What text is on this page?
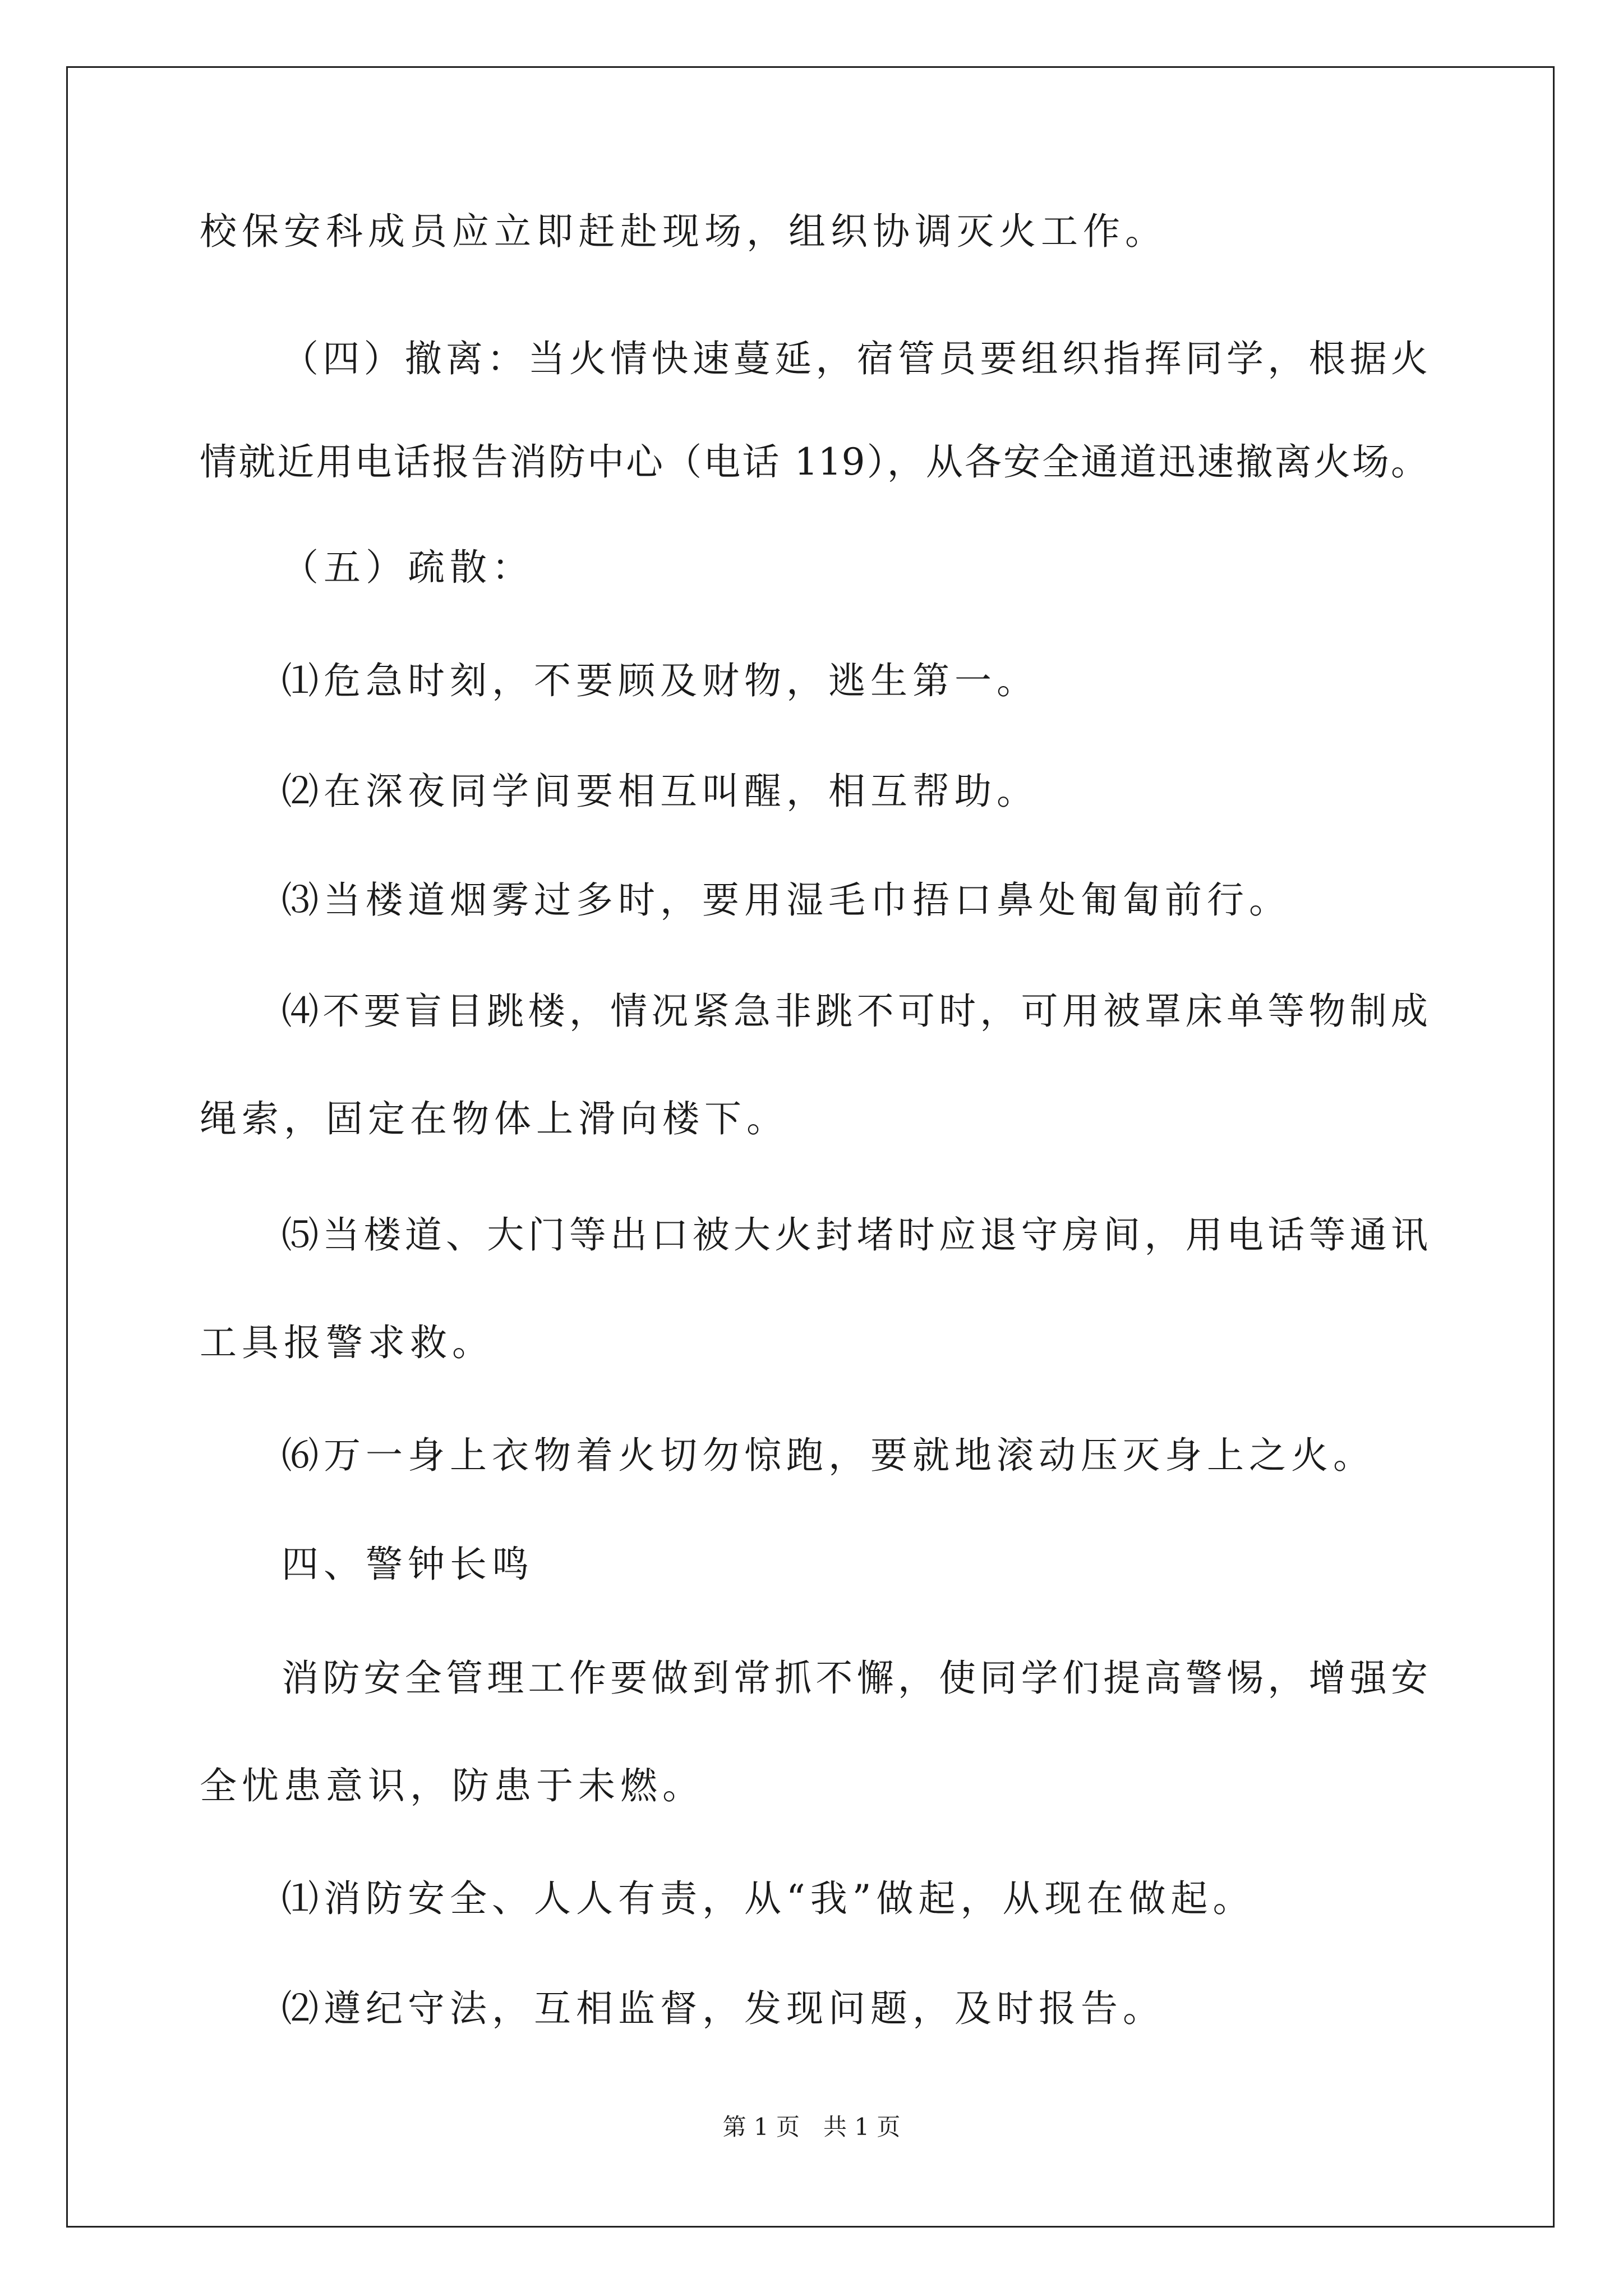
校保安科成员应立即赶赴现场，组织协调灭火工作。
（四）撤离：当火情快速蔓延，宿管员要组织指挥同学，根据火
情就近用电话报告消防中心（电话 119），从各安全通道迅速撤离火场。
（五）疏散：
⑴危急时刻，不要顾及财物，逃生第一。
⑵在深夜同学间要相互叫醒，相互帮助。
⑶当楼道烟雾过多时，要用湿毛巾捂口鼻处匍匐前行。
⑷不要盲目跳楼，情况紧急非跳不可时，可用被罩床单等物制成
绳索，固定在物体上滑向楼下。
⑸当楼道、大门等出口被大火封堵时应退守房间，用电话等通讯
工具报警求救。
⑹万一身上衣物着火切勿惊跑，要就地滚动压灭身上之火。
四、警钟长鸣
消防安全管理工作要做到常抓不懈，使同学们提高警惕，增强安
全忧患意识，防患于未燃。
⑴消防安全、人人有责，从“我”做起，从现在做起。
⑵遵纪守法，互相监督，发现问题，及时报告。
第 1 页　共 1 页
